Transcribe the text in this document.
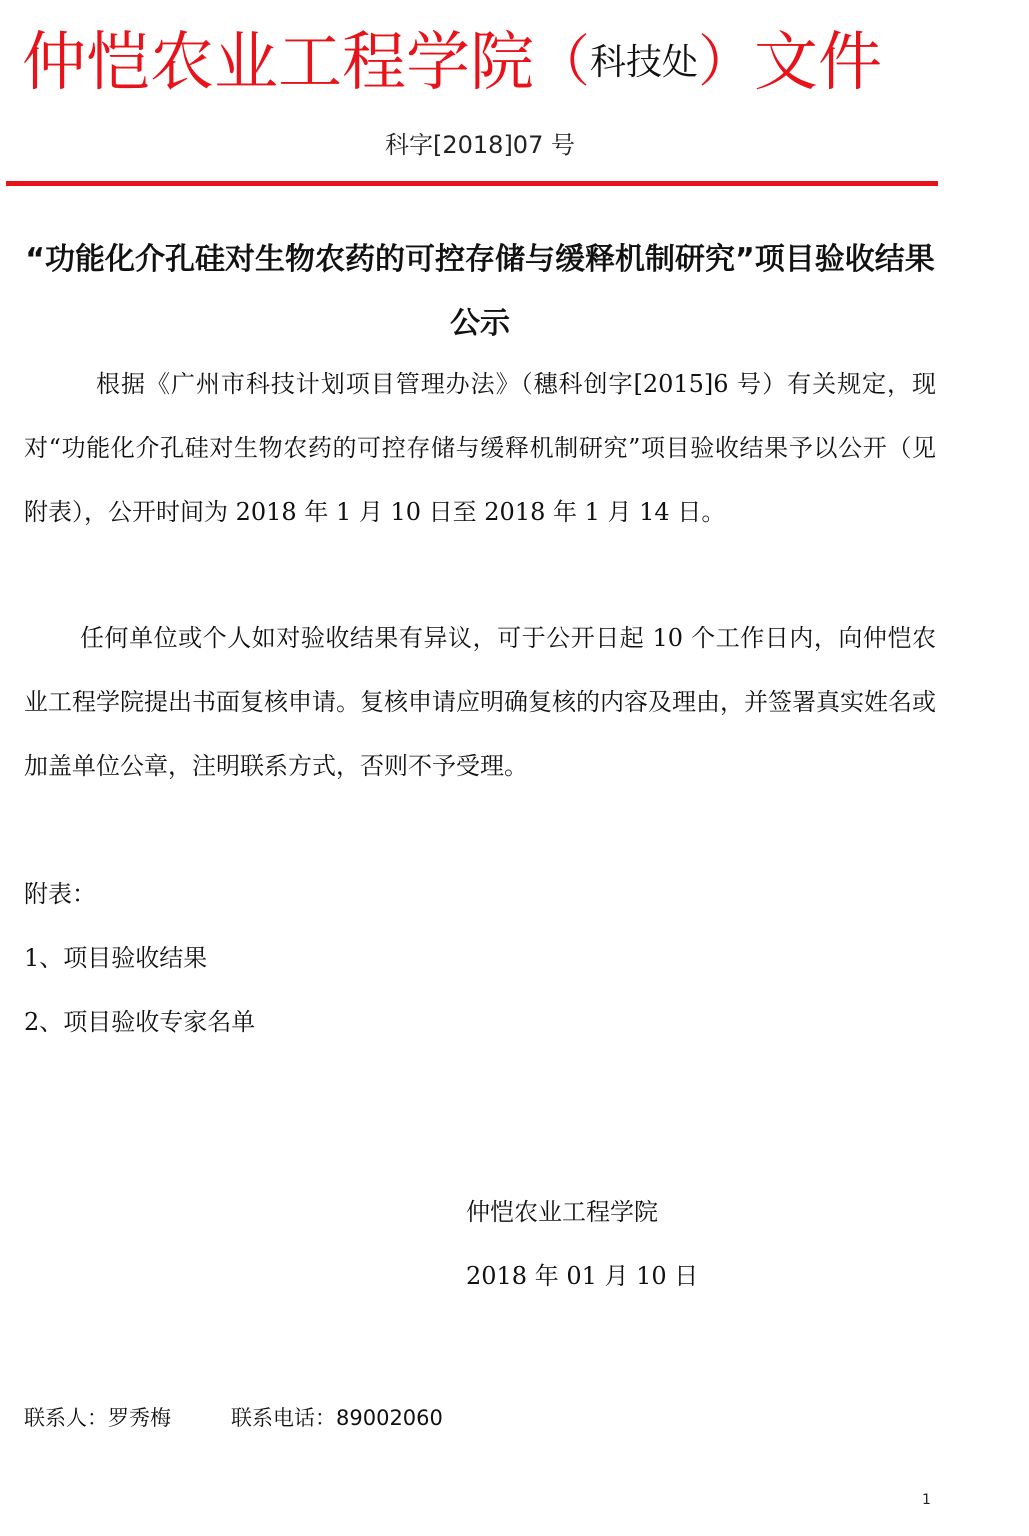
仲恺农业工程学院（科技处）文件
科字[2018]07 号
“功能化介孔硅对生物农药的可控存储与缓释机制研究”项目验收结果公示
根据《广州市科技计划项目管理办法》（穗科创字[2015]6 号）有关规定，现对“功能化介孔硅对生物农药的可控存储与缓释机制研究”项目验收结果予以公开（见附表），公开时间为 2018 年 1 月 10 日至 2018 年 1 月 14 日。
任何单位或个人如对验收结果有异议，可于公开日起 10 个工作日内，向仲恺农业工程学院提出书面复核申请。复核申请应明确复核的内容及理由，并签署真实姓名或加盖单位公章，注明联系方式，否则不予受理。
附表：
1、项目验收结果
2、项目验收专家名单
仲恺农业工程学院
2018 年 01 月 10 日
联系人：罗秀梅	联系电话：89002060
1
